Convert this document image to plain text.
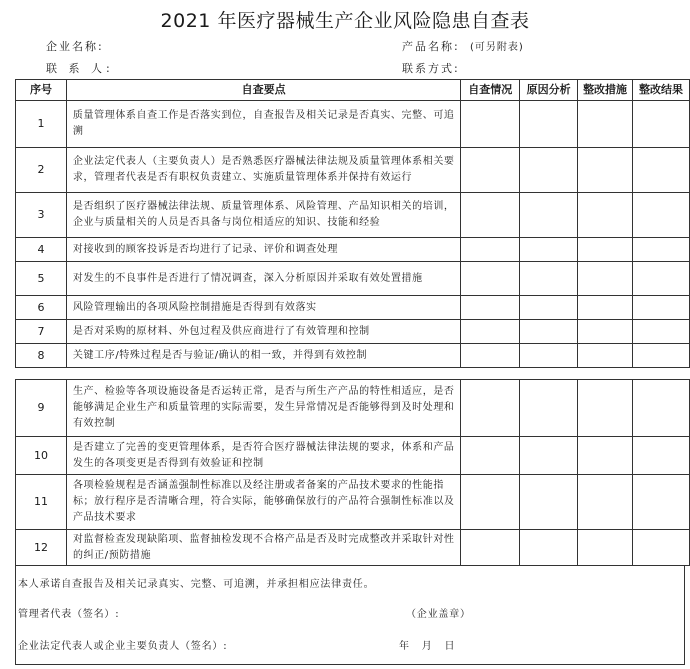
2021 年医疗器械生产企业风险隐患自查表
企业名称:	产品名称: (可另附表)
联 系 人:	联系方式:
序号	自查要点	自查情况	原因分析	整改措施	整改结果
1	质量管理体系自查工作是否落实到位，自查报告及相关记录是否真实、完整、可追溯				
2	企业法定代表人（主要负责人）是否熟悉医疗器械法律法规及质量管理体系相关要求，管理者代表是否有职权负责建立、实施质量管理体系并保持有效运行				
3	是否组织了医疗器械法律法规、质量管理体系、风险管理、产品知识相关的培训，企业与质量相关的人员是否具备与岗位相适应的知识、技能和经验				
4	对接收到的顾客投诉是否均进行了记录、评价和调查处理				
5	对发生的不良事件是否进行了情况调查，深入分析原因并采取有效处置措施				
6	风险管理输出的各项风险控制措施是否得到有效落实				
7	是否对采购的原材料、外包过程及供应商进行了有效管理和控制				
8	关键工序/特殊过程是否与验证/确认的相一致，并得到有效控制				
9	生产、检验等各项设施设备是否运转正常，是否与所生产产品的特性相适应，是否能够满足企业生产和质量管理的实际需要，发生异常情况是否能够得到及时处理和有效控制				
10	是否建立了完善的变更管理体系，是否符合医疗器械法律法规的要求，体系和产品发生的各项变更是否得到有效验证和控制				
11	各项检验规程是否涵盖强制性标准以及经注册或者备案的产品技术要求的性能指标；放行程序是否清晰合理，符合实际，能够确保放行的产品符合强制性标准以及产品技术要求				
12	对监督检查发现缺陷项、监督抽检发现不合格产品是否及时完成整改并采取针对性的纠正/预防措施				
本人承诺自查报告及相关记录真实、完整、可追溯，并承担相应法律责任。
管理者代表（签名）:	（企业盖章）
企业法定代表人或企业主要负责人（签名）:	年 月 日
